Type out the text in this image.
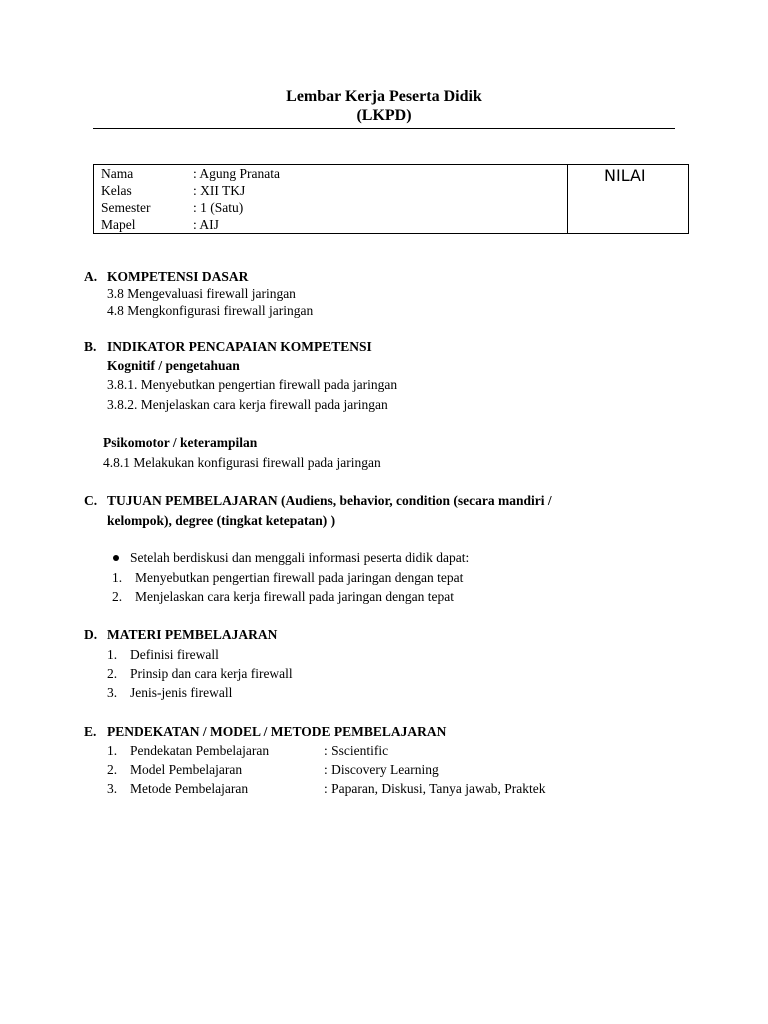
Lembar Kerja Peserta Didik
(LKPD)
Nama	: Agung Pranata
Kelas	: XII TKJ
Semester	: 1 (Satu)
Mapel	: AIJ
NILAI
A. KOMPETENSI DASAR
3.8 Mengevaluasi firewall jaringan
4.8 Mengkonfigurasi firewall jaringan
B. INDIKATOR PENCAPAIAN KOMPETENSI
Kognitif / pengetahuan
3.8.1. Menyebutkan pengertian firewall pada jaringan
3.8.2. Menjelaskan cara kerja firewall pada jaringan
Psikomotor / keterampilan
4.8.1 Melakukan konfigurasi firewall pada jaringan
C. TUJUAN PEMBELAJARAN (Audiens, behavior, condition (secara mandiri /
kelompok), degree (tingkat ketepatan) )
Setelah berdiskusi dan menggali informasi peserta didik dapat:
1. Menyebutkan pengertian firewall pada jaringan dengan tepat
2. Menjelaskan cara kerja firewall pada jaringan dengan tepat
D. MATERI PEMBELAJARAN
1. Definisi firewall
2. Prinsip dan cara kerja firewall
3. Jenis-jenis firewall
E. PENDEKATAN / MODEL / METODE PEMBELAJARAN
1. Pendekatan Pembelajaran	: Sscientific
2. Model Pembelajaran	: Discovery Learning
3. Metode Pembelajaran	: Paparan, Diskusi, Tanya jawab, Praktek
